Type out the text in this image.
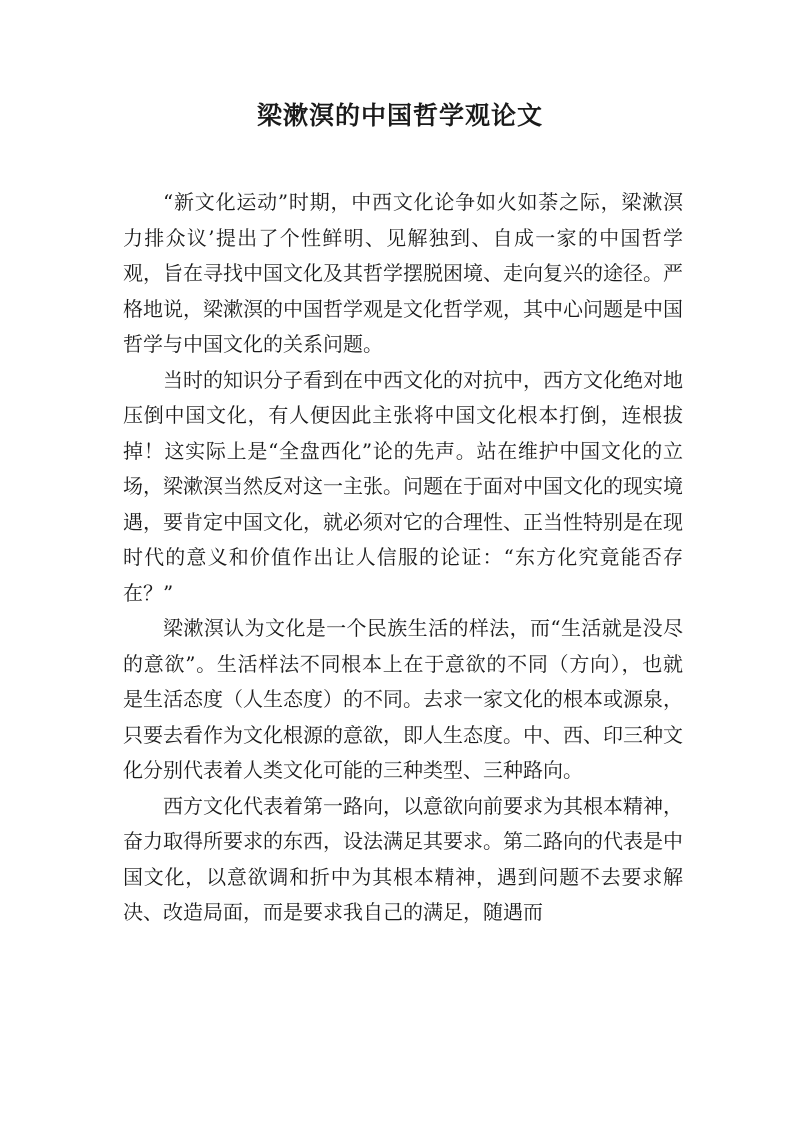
梁漱溟的中国哲学观论文

“新文化运动”时期，中西文化论争如火如荼之际，梁漱溟力排众议’提出了个性鲜明、见解独到、自成一家的中国哲学观，旨在寻找中国文化及其哲学摆脱困境、走向复兴的途径。严格地说，梁漱溟的中国哲学观是文化哲学观，其中心问题是中国哲学与中国文化的关系问题。

当时的知识分子看到在中西文化的对抗中，西方文化绝对地压倒中国文化，有人便因此主张将中国文化根本打倒，连根拔掉！这实际上是“全盘西化”论的先声。站在维护中国文化的立场，梁漱溟当然反对这一主张。问题在于面对中国文化的现实境遇，要肯定中国文化，就必须对它的合理性、正当性特别是在现时代的意义和价值作出让人信服的论证：“东方化究竟能否存在？”

梁漱溟认为文化是一个民族生活的样法，而“生活就是没尽的意欲”。生活样法不同根本上在于意欲的不同（方向），也就是生活态度（人生态度）的不同。去求一家文化的根本或源泉，只要去看作为文化根源的意欲，即人生态度。中、西、印三种文化分别代表着人类文化可能的三种类型、三种路向。

西方文化代表着第一路向，以意欲向前要求为其根本精神，奋力取得所要求的东西，设法满足其要求。第二路向的代表是中国文化，以意欲调和折中为其根本精神，遇到问题不去要求解决、改造局面，而是要求我自己的满足，随遇而
